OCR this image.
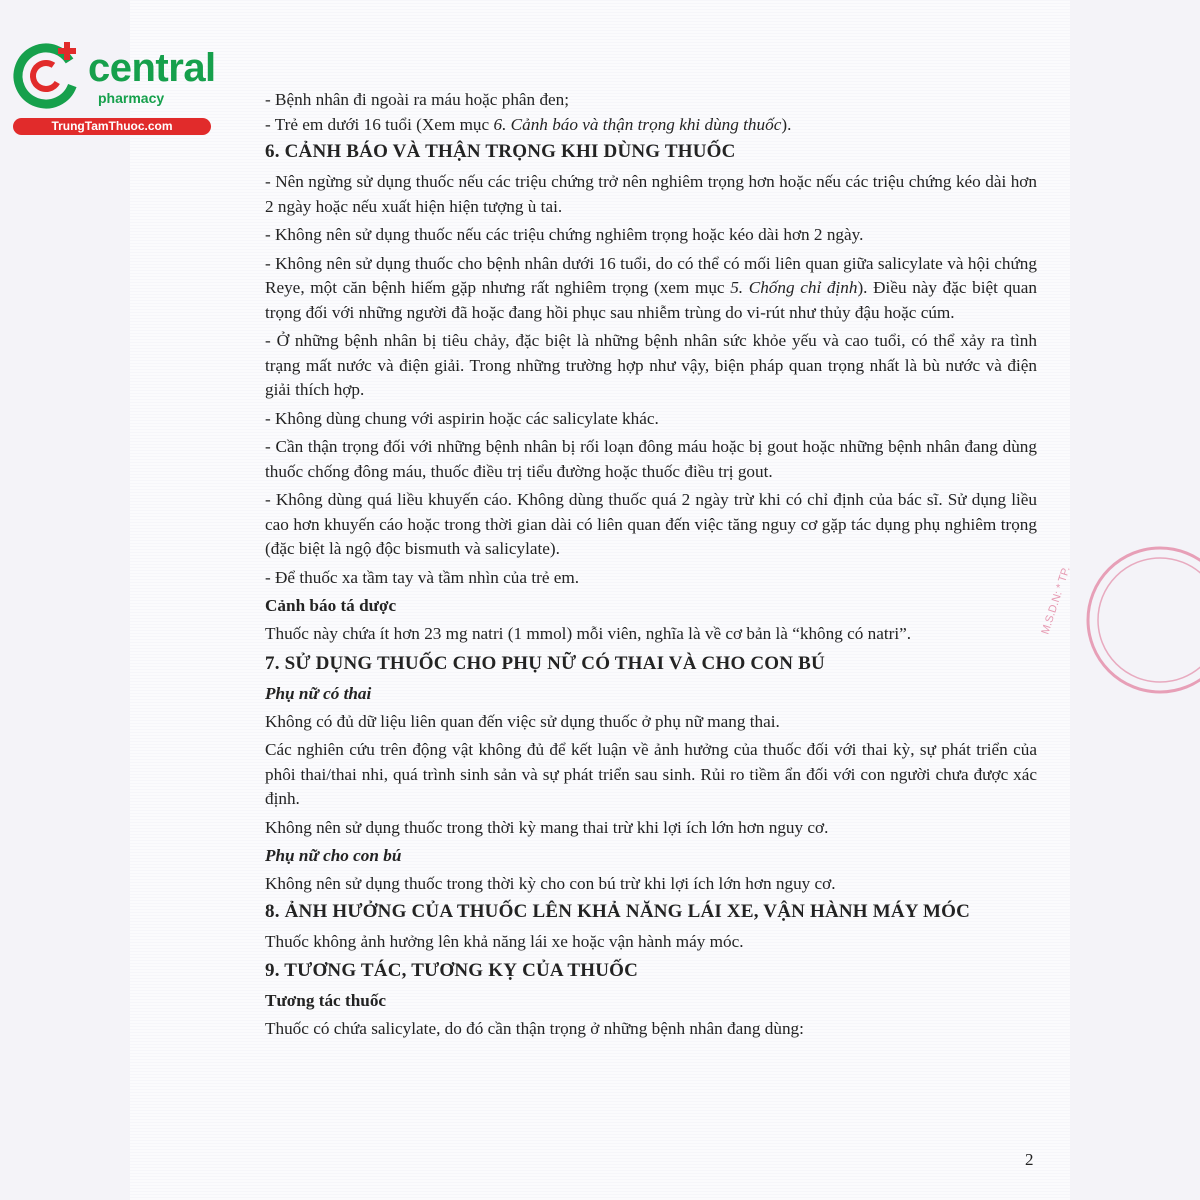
central
pharmacy
TrungTamThuoc.com
M.S.D.N: * TP.

- Bệnh nhân đi ngoài ra máu hoặc phân đen;

- Trẻ em dưới 16 tuổi (Xem mục 6. Cảnh báo và thận trọng khi dùng thuốc).

6. CẢNH BÁO VÀ THẬN TRỌNG KHI DÙNG THUỐC

- Nên ngừng sử dụng thuốc nếu các triệu chứng trở nên nghiêm trọng hơn hoặc nếu các triệu chứng kéo dài hơn 2 ngày hoặc nếu xuất hiện hiện tượng ù tai.

- Không nên sử dụng thuốc nếu các triệu chứng nghiêm trọng hoặc kéo dài hơn 2 ngày.

- Không nên sử dụng thuốc cho bệnh nhân dưới 16 tuổi, do có thể có mối liên quan giữa salicylate và hội chứng Reye, một căn bệnh hiếm gặp nhưng rất nghiêm trọng (xem mục 5. Chống chỉ định). Điều này đặc biệt quan trọng đối với những người đã hoặc đang hồi phục sau nhiễm trùng do vi-rút như thủy đậu hoặc cúm.

- Ở những bệnh nhân bị tiêu chảy, đặc biệt là những bệnh nhân sức khỏe yếu và cao tuổi, có thể xảy ra tình trạng mất nước và điện giải. Trong những trường hợp như vậy, biện pháp quan trọng nhất là bù nước và điện giải thích hợp.

- Không dùng chung với aspirin hoặc các salicylate khác.

- Cần thận trọng đối với những bệnh nhân bị rối loạn đông máu hoặc bị gout hoặc những bệnh nhân đang dùng thuốc chống đông máu, thuốc điều trị tiểu đường hoặc thuốc điều trị gout.

- Không dùng quá liều khuyến cáo. Không dùng thuốc quá 2 ngày trừ khi có chỉ định của bác sĩ. Sử dụng liều cao hơn khuyến cáo hoặc trong thời gian dài có liên quan đến việc tăng nguy cơ gặp tác dụng phụ nghiêm trọng (đặc biệt là ngộ độc bismuth và salicylate).

- Để thuốc xa tầm tay và tầm nhìn của trẻ em.

Cảnh báo tá dược

Thuốc này chứa ít hơn 23 mg natri (1 mmol) mỗi viên, nghĩa là về cơ bản là “không có natri”.

7. SỬ DỤNG THUỐC CHO PHỤ NỮ CÓ THAI VÀ CHO CON BÚ
Phụ nữ có thai

Không có đủ dữ liệu liên quan đến việc sử dụng thuốc ở phụ nữ mang thai.

Các nghiên cứu trên động vật không đủ để kết luận về ảnh hưởng của thuốc đối với thai kỳ, sự phát triển của phôi thai/thai nhi, quá trình sinh sản và sự phát triển sau sinh. Rủi ro tiềm ẩn đối với con người chưa được xác định.

Không nên sử dụng thuốc trong thời kỳ mang thai trừ khi lợi ích lớn hơn nguy cơ.

Phụ nữ cho con bú

Không nên sử dụng thuốc trong thời kỳ cho con bú trừ khi lợi ích lớn hơn nguy cơ.

8. ẢNH HƯỞNG CỦA THUỐC LÊN KHẢ NĂNG LÁI XE, VẬN HÀNH MÁY MÓC

Thuốc không ảnh hưởng lên khả năng lái xe hoặc vận hành máy móc.

9. TƯƠNG TÁC, TƯƠNG KỴ CỦA THUỐC
Tương tác thuốc

Thuốc có chứa salicylate, do đó cần thận trọng ở những bệnh nhân đang dùng:

2
